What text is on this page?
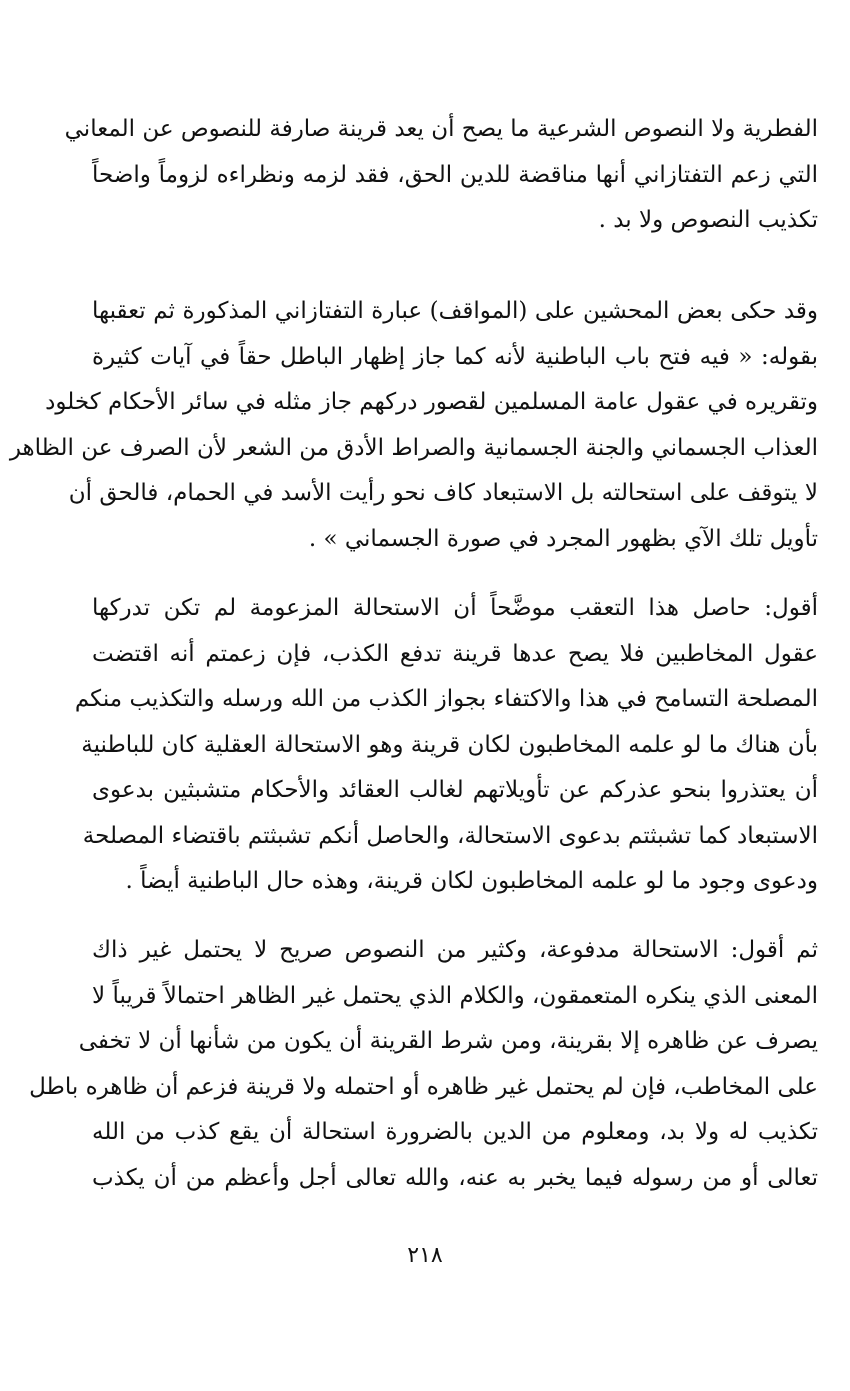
الفطرية ولا النصوص الشرعية ما يصح أن يعد قرينة صارفة للنصوص عن المعاني
التي زعم التفتازاني أنها مناقضة للدين الحق، فقد لزمه ونظراءه لزوماً واضحاً
تكذيب النصوص ولا بد .
وقد حكى بعض المحشين على (المواقف) عبارة التفتازاني المذكورة ثم تعقبها
بقوله: « فيه فتح باب الباطنية لأنه كما جاز إظهار الباطل حقاً في آيات كثيرة
وتقريره في عقول عامة المسلمين لقصور دركهم جاز مثله في سائر الأحكام كخلود
العذاب الجسماني والجنة الجسمانية والصراط الأدق من الشعر لأن الصرف عن الظاهر
لا يتوقف على استحالته بل الاستبعاد كاف نحو رأيت الأسد في الحمام، فالحق أن
تأويل تلك الآي بظهور المجرد في صورة الجسماني » .
أقول: حاصل هذا التعقب موضَّحاً أن الاستحالة المزعومة لم تكن تدركها
عقول المخاطبين فلا يصح عدها قرينة تدفع الكذب، فإن زعمتم أنه اقتضت
المصلحة التسامح في هذا والاكتفاء بجواز الكذب من الله ورسله والتكذيب منكم
بأن هناك ما لو علمه المخاطبون لكان قرينة وهو الاستحالة العقلية كان للباطنية
أن يعتذروا بنحو عذركم عن تأويلاتهم لغالب العقائد والأحكام متشبثين بدعوى
الاستبعاد كما تشبثتم بدعوى الاستحالة، والحاصل أنكم تشبثتم باقتضاء المصلحة
ودعوى وجود ما لو علمه المخاطبون لكان قرينة، وهذه حال الباطنية أيضاً .
ثم أقول: الاستحالة مدفوعة، وكثير من النصوص صريح لا يحتمل غير ذاك
المعنى الذي ينكره المتعمقون، والكلام الذي يحتمل غير الظاهر احتمالاً قريباً لا
يصرف عن ظاهره إلا بقرينة، ومن شرط القرينة أن يكون من شأنها أن لا تخفى
على المخاطب، فإن لم يحتمل غير ظاهره أو احتمله ولا قرينة فزعم أن ظاهره باطل
تكذيب له ولا بد، ومعلوم من الدين بالضرورة استحالة أن يقع كذب من الله
تعالى أو من رسوله فيما يخبر به عنه، والله تعالى أجل وأعظم من أن يكذب
٢١٨
